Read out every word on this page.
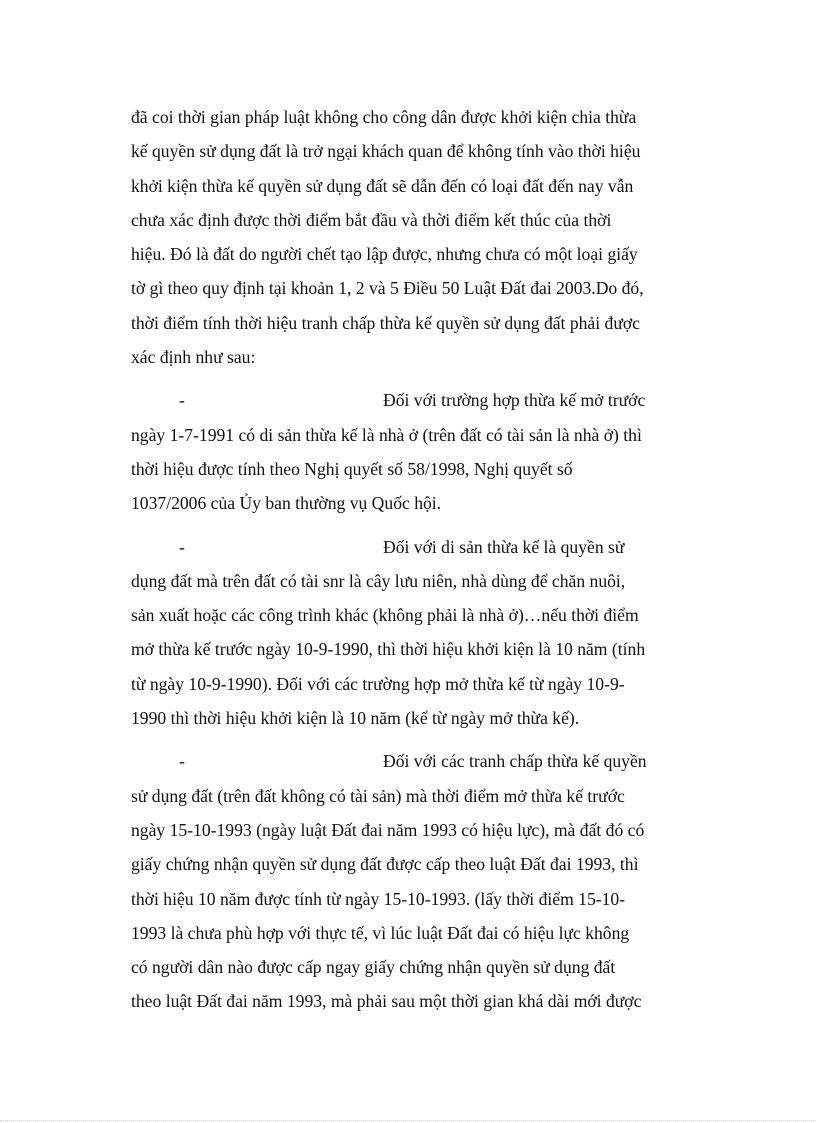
đã coi thời gian pháp luật không cho công dân được khởi kiện chia thừa
kế quyền sử dụng đất là trở ngại khách quan để không tính vào thời hiệu
khởi kiện thừa kế quyền sử dụng đất sẽ dẫn đến có loại đất đến nay vẫn
chưa xác định được thời điểm bắt đầu và thời điểm kết thúc của thời
hiệu. Đó là đất do người chết tạo lập được, nhưng chưa có một loại giấy
tờ gì theo quy định tại khoản 1, 2 và 5 Điều 50 Luật Đất đai 2003.Do đó,
thời điểm tính thời hiệu tranh chấp thừa kế quyền sử dụng đất phải được
xác định như sau:
-	Đối với trường hợp thừa kế mở trước
ngày 1-7-1991 có di sản thừa kế là nhà ở (trên đất có tài sản là nhà ở) thì
thời hiệu được tính theo Nghị quyết số 58/1998, Nghị quyết số
1037/2006 của Ủy ban thường vụ Quốc hội.
-	Đối với di sản thừa kế là quyền sử
dụng đất mà trên đất có tài snr là cây lưu niên, nhà dùng để chăn nuôi,
sản xuất hoặc các công trình khác (không phải là nhà ở)…nếu thời điểm
mở thừa kế trước ngày 10-9-1990, thì thời hiệu khởi kiện là 10 năm (tính
từ ngày 10-9-1990). Đối với các trường hợp mở thừa kế từ ngày 10-9-
1990 thì thời hiệu khởi kiện là 10 năm (kể từ ngày mở thừa kế).
-	Đối với các tranh chấp thừa kế quyền
sử dụng đất (trên đất không có tài sản) mà thời điểm mở thừa kế trước
ngày 15-10-1993 (ngày luật Đất đai năm 1993 có hiệu lực), mà đất đó có
giấy chứng nhận quyền sử dụng đất được cấp theo luật Đất đai 1993, thì
thời hiệu 10 năm được tính từ ngày 15-10-1993. (lấy thời điểm 15-10-
1993 là chưa phù hợp với thực tế, vì lúc luật Đất đai có hiệu lực không
có người dân nào được cấp ngay giấy chứng nhận quyền sử dụng đất
theo luật Đất đai năm 1993, mà phải sau một thời gian khá dài mới được
